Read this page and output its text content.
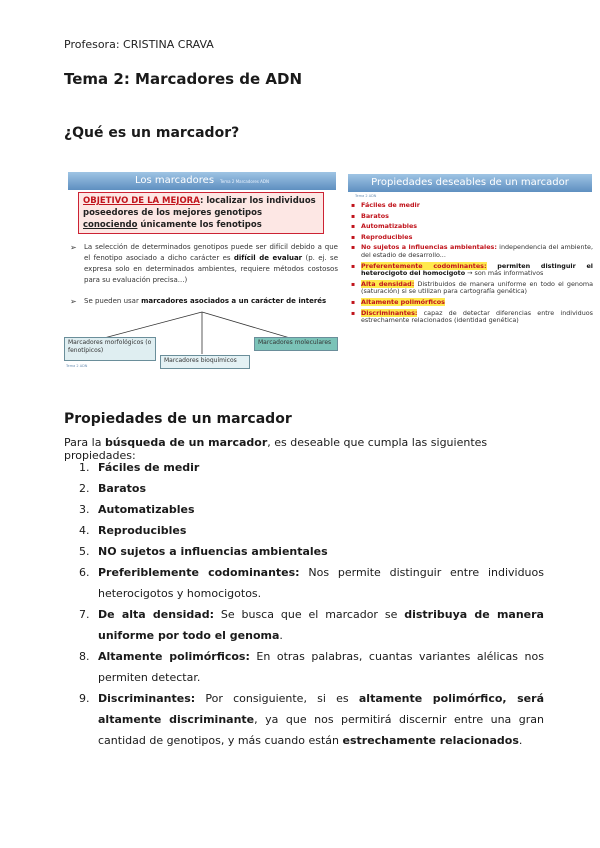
Profesora: CRISTINA CRAVA
Tema 2: Marcadores de ADN
¿Qué es un marcador?
Los marcadores Tema 2 Marcadores ADN
OBJETIVO DE LA MEJORA: localizar los individuos poseedores de los mejores genotipos conociendo únicamente los fenotipos
➢ La selección de determinados genotipos puede ser difícil debido a que el fenotipo asociado a dicho carácter es difícil de evaluar (p. ej. se expresa solo en determinados ambientes, requiere métodos costosos para su evaluación precisa...)
➢ Se pueden usar marcadores asociados a un carácter de interés
Marcadores morfológicos (o fenotípicos)
Marcadores bioquímicos
Marcadores moleculares
Tema 2 ADN
Propiedades deseables de un marcador
Tema 2 ADN
▪ Fáciles de medir
▪ Baratos
▪ Automatizables
▪ Reproducibles
▪ No sujetos a influencias ambientales: independencia del ambiente, del estadio de desarrollo...
▪ Preferentemente codominantes: permiten distinguir el heterocigoto del homocigoto → son más informativos
▪ Alta densidad: Distribuidos de manera uniforme en todo el genoma (saturación) si se utilizan para cartografía genética)
▪ Altamente polimórficos
▪ Discriminantes: capaz de detectar diferencias entre individuos estrechamente relacionados (identidad genética)
Propiedades de un marcador
Para la búsqueda de un marcador, es deseable que cumpla las siguientes propiedades:
1. Fáciles de medir
2. Baratos
3. Automatizables
4. Reproducibles
5. NO sujetos a influencias ambientales
6. Preferiblemente codominantes: Nos permite distinguir entre individuos heterocigotos y homocigotos.
7. De alta densidad: Se busca que el marcador se distribuya de manera uniforme por todo el genoma.
8. Altamente polimórficos: En otras palabras, cuantas variantes alélicas nos permiten detectar.
9. Discriminantes: Por consiguiente, si es altamente polimórfico, será altamente discriminante, ya que nos permitirá discernir entre una gran cantidad de genotipos, y más cuando están estrechamente relacionados.
